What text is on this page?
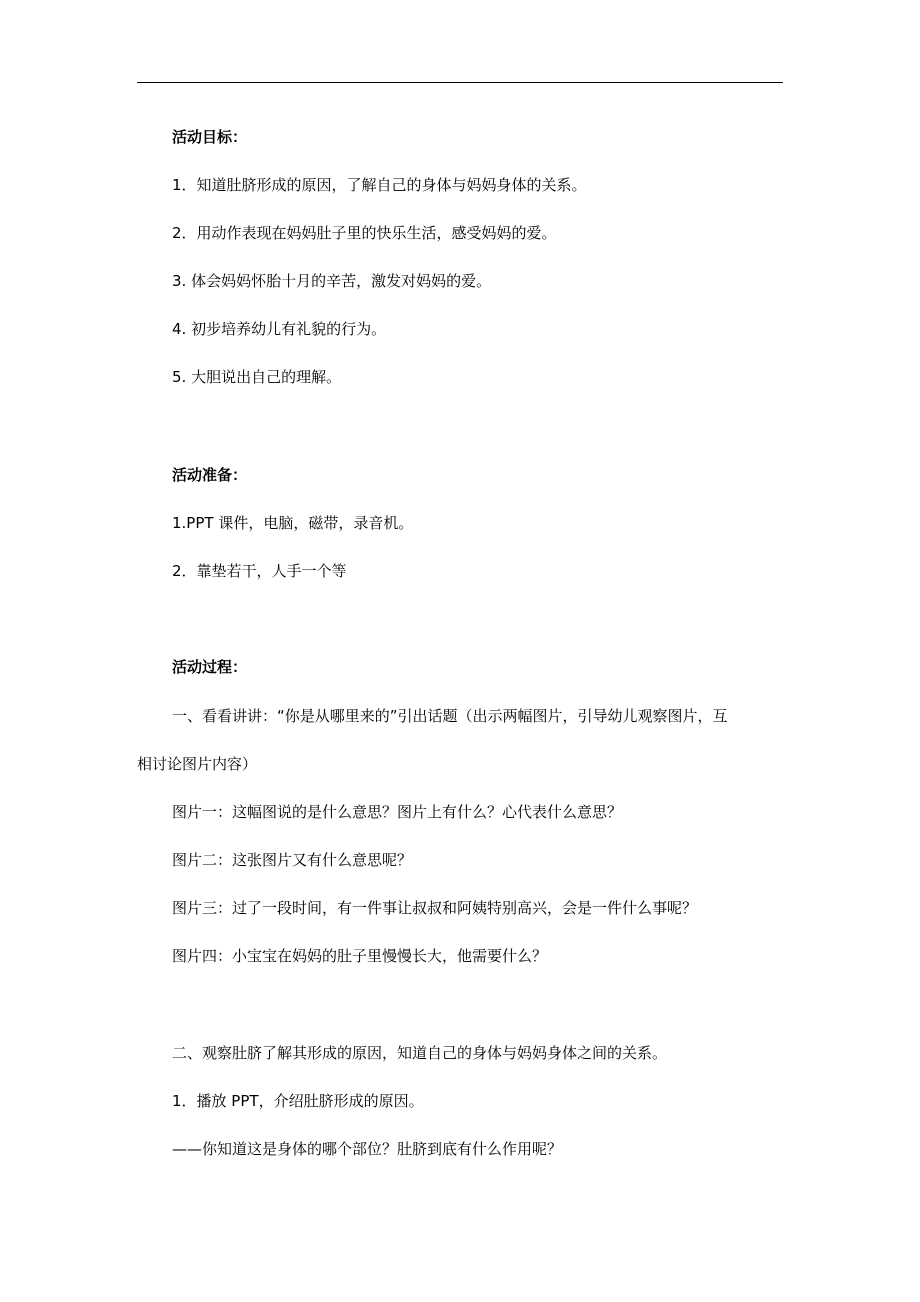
活动目标：
1．知道肚脐形成的原因，了解自己的身体与妈妈身体的关系。
2．用动作表现在妈妈肚子里的快乐生活，感受妈妈的爱。
3. 体会妈妈怀胎十月的辛苦，激发对妈妈的爱。
4. 初步培养幼儿有礼貌的行为。
5. 大胆说出自己的理解。
活动准备：
1.PPT 课件，电脑，磁带，录音机。
2．靠垫若干，人手一个等
活动过程：
一、看看讲讲：“你是从哪里来的”引出话题（出示两幅图片，引导幼儿观察图片，互
相讨论图片内容）
图片一：这幅图说的是什么意思？图片上有什么？心代表什么意思？
图片二：这张图片又有什么意思呢？
图片三：过了一段时间，有一件事让叔叔和阿姨特别高兴，会是一件什么事呢？
图片四：小宝宝在妈妈的肚子里慢慢长大，他需要什么？
二、观察肚脐了解其形成的原因，知道自己的身体与妈妈身体之间的关系。
1．播放 PPT，介绍肚脐形成的原因。
——你知道这是身体的哪个部位？肚脐到底有什么作用呢？
